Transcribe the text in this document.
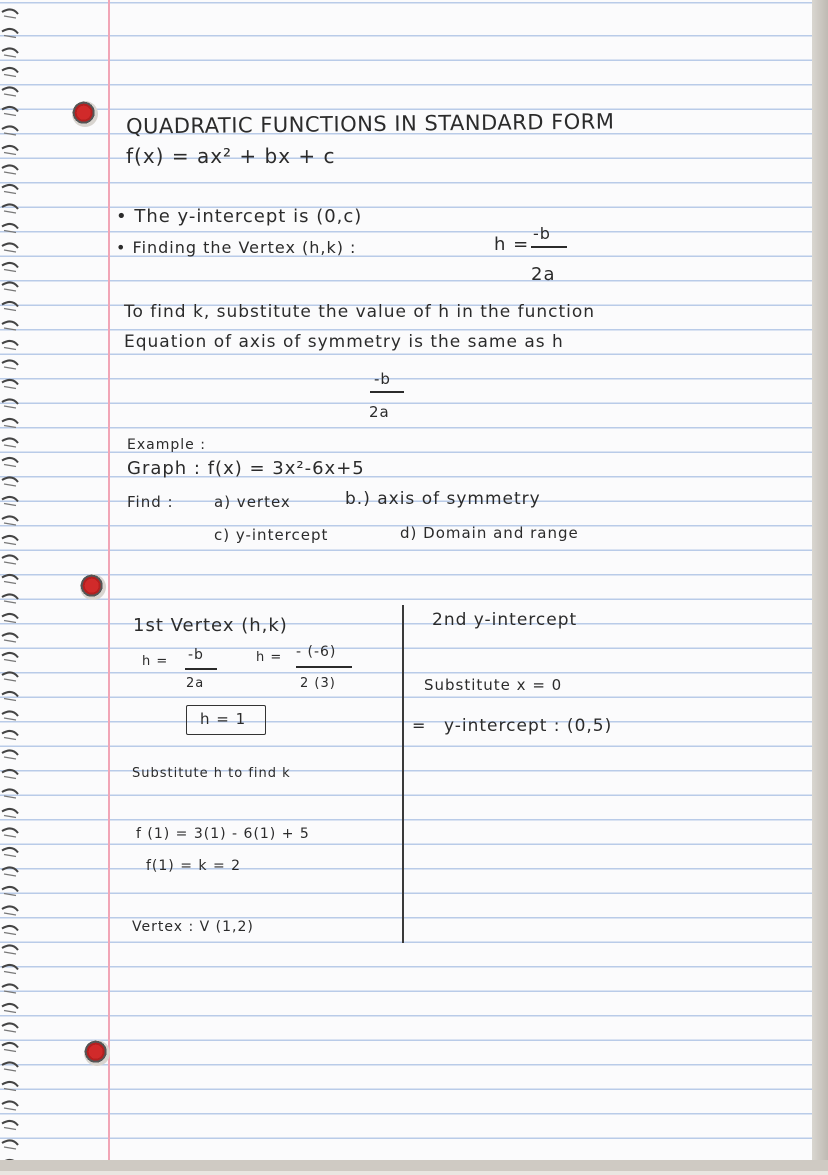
QUADRATIC FUNCTIONS IN STANDARD FORM
f(x) = ax² + bx + c
• The y-intercept is (0,c)
• Finding the Vertex (h,k) :	h =
-b
2a
To find k, substitute the value of h in the function
Equation of axis of symmetry is the same as h
-b
2a
Example :
Graph : f(x) = 3x²-6x+5
Find :	a) vertex	b.) axis of symmetry
c) y-intercept	d) Domain and range
1st Vertex (h,k)
h = -b
2a
h = - (-6)
2 (3)
h = 1
Substitute h to find k
f (1) = 3(1) - 6(1) + 5
f(1) = k = 2
Vertex : V (1,2)
2nd y-intercept
Substitute x = 0
= y-intercept : (0,5)
